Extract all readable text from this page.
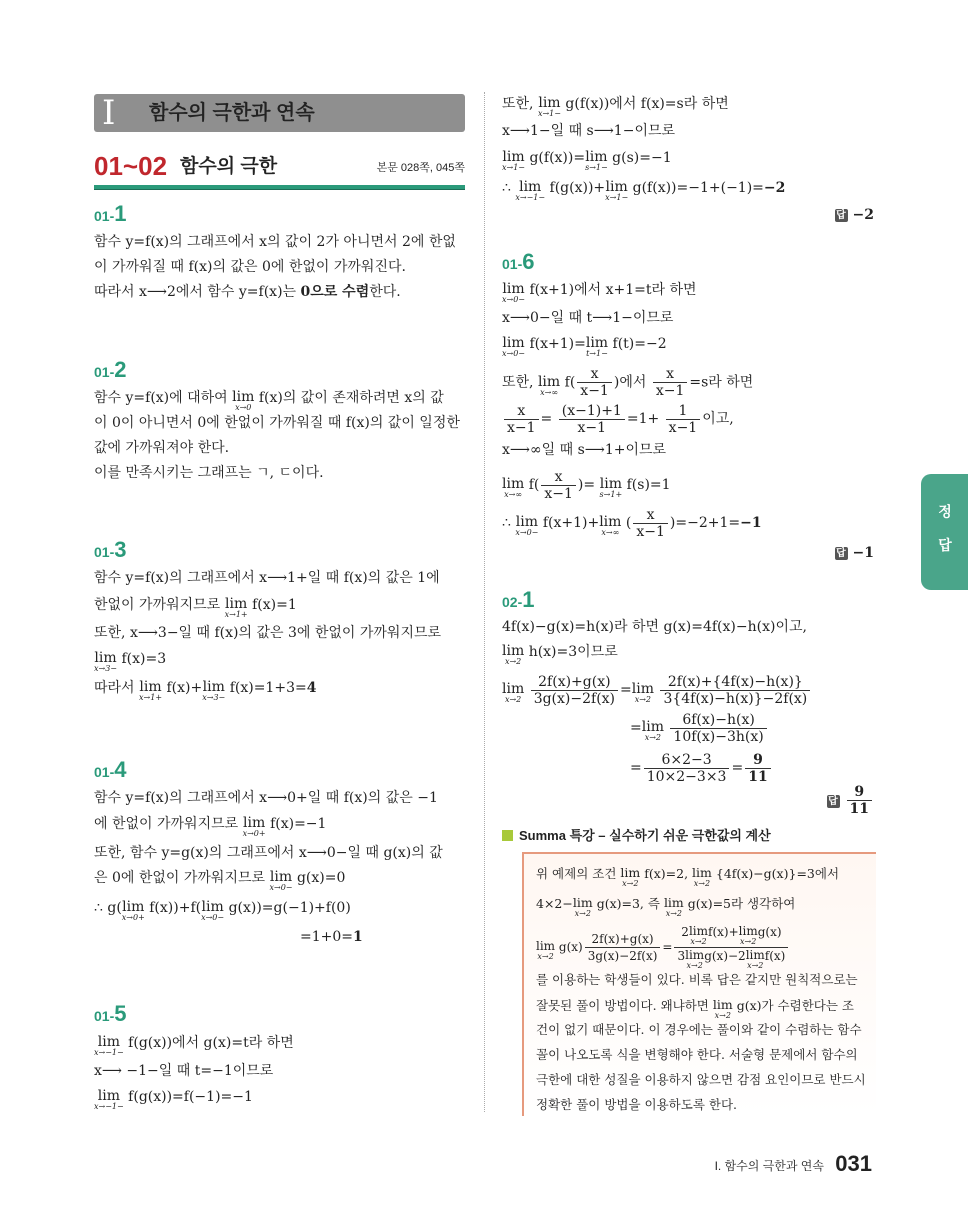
I 함수의 극한과 연속
01~02 함수의 극한	본문 028쪽, 045쪽
01-1
함수 y=f(x)의 그래프에서 x의 값이 2가 아니면서 2에 한없
이 가까워질 때 f(x)의 값은 0에 한없이 가까워진다.
따라서 x⟶2에서 함수 y=f(x)는 0으로 수렴한다.
01-2
함수 y=f(x)에 대하여 lim
x→0
f(x)의 값이 존재하려면 x의 값
이 0이 아니면서 0에 한없이 가까워질 때 f(x)의 값이 일정한
값에 가까워져야 한다.
이를 만족시키는 그래프는 ㄱ, ㄷ이다.
01-3
함수 y=f(x)의 그래프에서 x⟶1+일 때 f(x)의 값은 1에
한없이 가까워지므로 lim
x→1+
f(x)=1
또한, x⟶3−일 때 f(x)의 값은 3에 한없이 가까워지므로
lim
x→3−
f(x)=3
따라서 lim
x→1+
f(x)+lim
x→3−
f(x)=1+3=4
01-4
함수 y=f(x)의 그래프에서 x⟶0+일 때 f(x)의 값은 −1
에 한없이 가까워지므로 lim
x→0+
f(x)=−1
또한, 함수 y=g(x)의 그래프에서 x⟶0−일 때 g(x)의 값
은 0에 한없이 가까워지므로 lim
x→0−
g(x)=0
∴ g(lim
x→0+
f(x))+f(lim
x→0−
g(x))=g(−1)+f(0)
=1+0=1
01-5
lim
x→−1−
f(g(x))에서 g(x)=t라 하면
x⟶ −1−일 때 t=−1이므로
lim
x→−1−
f(g(x))=f(−1)=−1
또한, lim
x→1−
g(f(x))에서 f(x)=s라 하면
x⟶1−일 때 s⟶1−이므로
lim
x→1−
g(f(x))=lim
s→1−
g(s)=−1
∴ lim
x→−1−
f(g(x))+lim
x→1−
g(f(x))=−1+(−1)=−2
답 −2
01-6
lim
x→0−
f(x+1)에서 x+1=t라 하면
x⟶0−일 때 t⟶1−이므로
lim
x→0−
f(x+1)=lim
t→1−
f(t)=−2
또한, lim
x→∞
$f( \frac{x}{x-1}$ )에서 $\frac{x}{x-1} =s$라 하면
$\frac{x}{x-1} = \frac{(x-1)+1}{x-1} =1+ \frac{1}{x-1}$ 이고,
x⟶∞일 때 s⟶1+이므로
lim
x→∞
$f( \frac{x}{x-1}$ )= lim
s→1+
f(s)=1
∴ lim
x→0−
f(x+1)+lim
x→∞
( $\frac{x}{x-1} )=-2+1=-1$
답 −1
02-1
4f(x)−g(x)=h(x)라 하면 g(x)=4f(x)−h(x)이고,
lim
x→2
h(x)=3이므로
lim
x→2
$\frac{2f(x)+g(x)}{3g(x)-2f(x)} =\lim$
x→2
$\frac{2f(x)+\{4f(x)-h(x)\}}{3\{4f(x)-h(x)\}-2f(x)}$
=lim
x→2
$\frac{6f(x)-h(x)}{10f(x)-3h(x)}$
= $\frac{6\times 2-3}{10\times 2-3\times 3} = \frac{9}{11}$
답 $\frac{9}{11}$
Summa 특강 – 실수하기 쉬운 극한값의 계산
위 예제의 조건 lim
x→2
f(x)=2, lim
x→2
{4f(x)−g(x)}=3에서
4×2−lim
x→2
g(x)=3, 즉 lim
x→2
g(x)=5라 생각하여
lim
x→2
$g(x) \frac{2f(x)+g(x)}{3g(x)-2f(x)} = 2\lim$
x→2
f(x)+lim
x→2
g(x)
3lim
x→2
g(x)−2lim
x→2
f(x)
를 이용하는 학생들이 있다. 비록 답은 같지만 원칙적으로는
잘못된 풀이 방법이다. 왜냐하면 lim
x→2
g(x)가 수렴한다는 조
건이 없기 때문이다. 이 경우에는 풀이와 같이 수렴하는 함수
꼴이 나오도록 식을 변형해야 한다. 서술형 문제에서 함수의
극한에 대한 성질을 이용하지 않으면 감점 요인이므로 반드시
정확한 풀이 방법을 이용하도록 한다.
정 답
I. 함수의 극한과 연속 031
